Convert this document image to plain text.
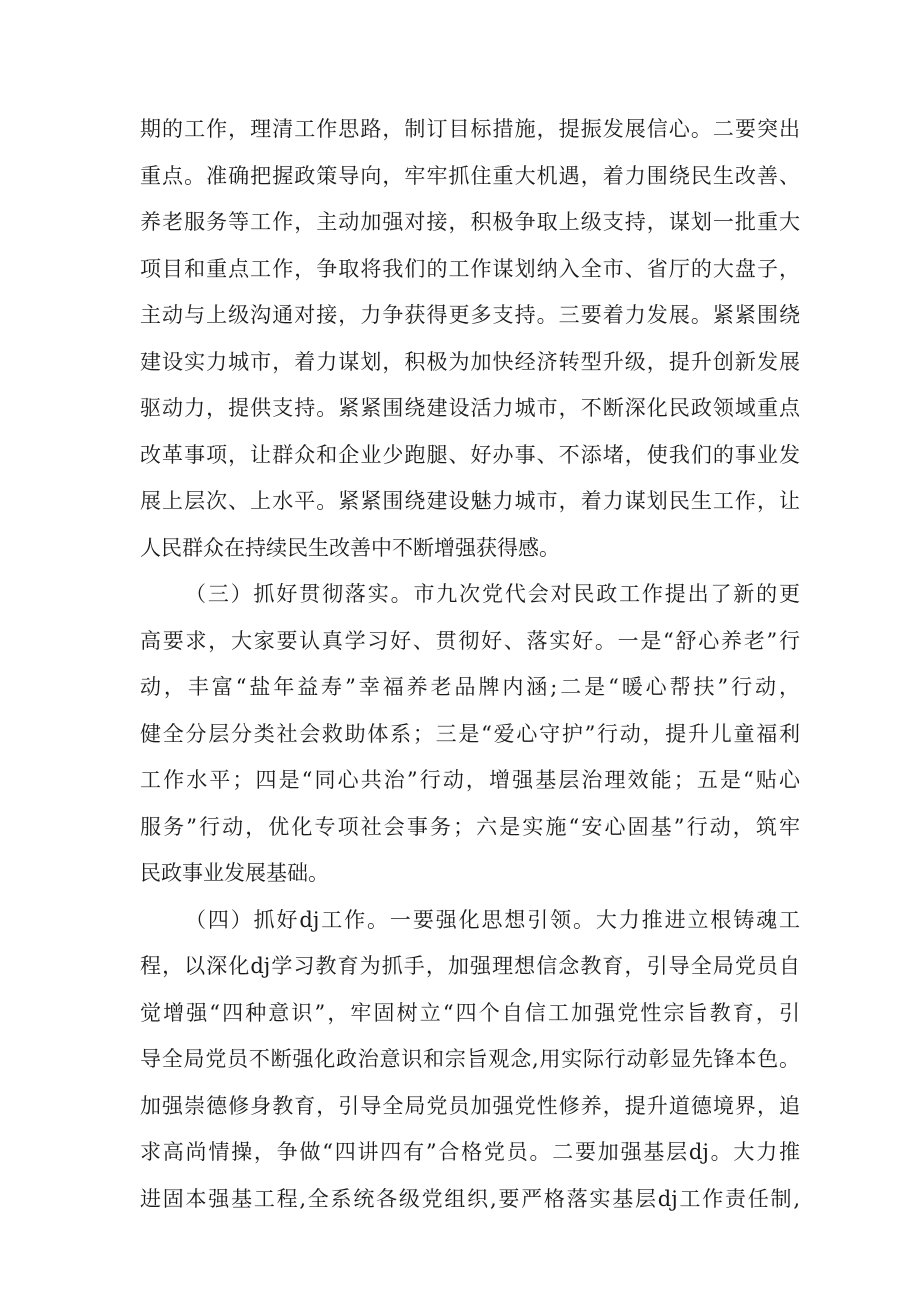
期的工作，理清工作思路，制订目标措施，提振发展信心。二要突出
重点。准确把握政策导向，牢牢抓住重大机遇，着力围绕民生改善、
养老服务等工作，主动加强对接，积极争取上级支持，谋划一批重大
项目和重点工作，争取将我们的工作谋划纳入全市、省厅的大盘子，
主动与上级沟通对接，力争获得更多支持。三要着力发展。紧紧围绕
建设实力城市，着力谋划，积极为加快经济转型升级，提升创新发展
驱动力，提供支持。紧紧围绕建设活力城市，不断深化民政领域重点
改革事项，让群众和企业少跑腿、好办事、不添堵，使我们的事业发
展上层次、上水平。紧紧围绕建设魅力城市，着力谋划民生工作，让
人民群众在持续民生改善中不断增强获得感。
（三）抓好贯彻落实。市九次党代会对民政工作提出了新的更
高要求，大家要认真学习好、贯彻好、落实好。一是“舒心养老”行
动，丰富“盐年益寿”幸福养老品牌内涵;二是“暖心帮扶”行动，
健全分层分类社会救助体系；三是“爱心守护”行动，提升儿童福利
工作水平；四是“同心共治”行动，增强基层治理效能；五是“贴心
服务”行动，优化专项社会事务；六是实施“安心固基”行动，筑牢
民政事业发展基础。
（四）抓好dj工作。一要强化思想引领。大力推进立根铸魂工
程，以深化dj学习教育为抓手，加强理想信念教育，引导全局党员自
觉增强“四种意识”，牢固树立“四个自信工加强党性宗旨教育，引
导全局党员不断强化政治意识和宗旨观念,用实际行动彰显先锋本色。
加强崇德修身教育，引导全局党员加强党性修养，提升道德境界，追
求高尚情操，争做“四讲四有”合格党员。二要加强基层dj。大力推
进固本强基工程,全系统各级党组织,要严格落实基层dj工作责任制,
